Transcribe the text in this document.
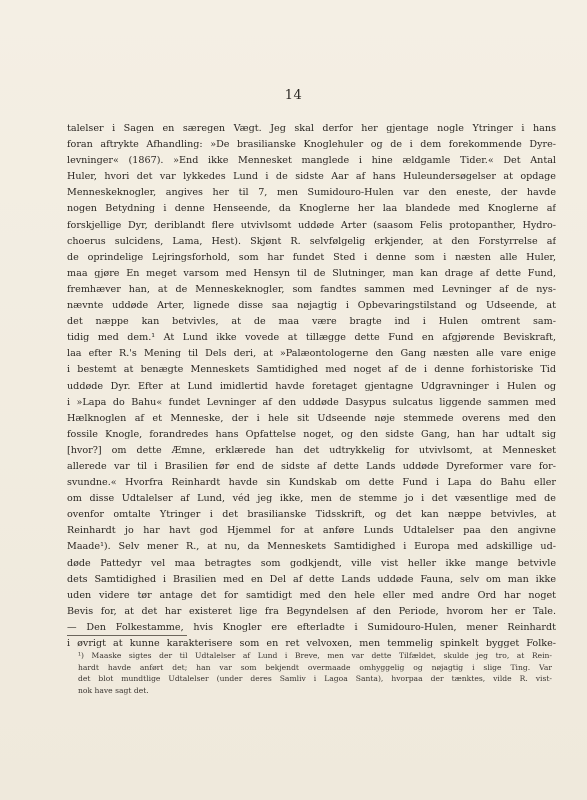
14
talelser i Sagen en særegen Vægt. Jeg skal derfor her gjentage nogle Ytringer i hans
foran aftrykte Afhandling: »De brasilianske Knoglehuler og de i dem forekommende Dyre-
levninger« (1867). »End ikke Mennesket manglede i hine ældgamle Tider.« Det Antal
Huler, hvori det var lykkedes Lund i de sidste Aar af hans Huleundersøgelser at opdage
Menneskeknogler, angives her til 7, men Sumidouro-Hulen var den eneste, der havde
nogen Betydning i denne Henseende, da Knoglerne her laa blandede med Knoglerne af
forskjellige Dyr, deriblandt flere utvivlsomt uddøde Arter (saasom Felis protopanther, Hydro-
choerus sulcidens, Lama, Hest). Skjønt R. selvfølgelig erkjender, at den Forstyrrelse af
de oprindelige Lejringsforhold, som har fundet Sted i denne som i næsten alle Huler,
maa gjøre En meget varsom med Hensyn til de Slutninger, man kan drage af dette Fund,
fremhæver han, at de Menneskeknogler, som fandtes sammen med Levninger af de nys-
nævnte uddøde Arter, lignede disse saa nøjagtig i Opbevaringstilstand og Udseende, at
det næppe kan betvivles, at de maa være bragte ind i Hulen omtrent sam-
tidig med dem.¹ At Lund ikke vovede at tillægge dette Fund en afgjørende Beviskraft,
laa efter R.'s Mening til Dels deri, at »Palæontologerne den Gang næsten alle vare enige
i bestemt at benægte Menneskets Samtidighed med noget af de i denne forhistoriske Tid
uddøde Dyr. Efter at Lund imidlertid havde foretaget gjentagne Udgravninger i Hulen og
i »Lapa do Bahu« fundet Levninger af den uddøde Dasypus sulcatus liggende sammen med
Hælknoglen af et Menneske, der i hele sit Udseende nøje stemmede overens med den
fossile Knogle, forandredes hans Opfattelse noget, og den sidste Gang, han har udtalt sig
[hvor?] om dette Æmne, erklærede han det udtrykkelig for utvivlsomt, at Mennesket
allerede var til i Brasilien før end de sidste af dette Lands uddøde Dyreformer vare for-
svundne.« Hvorfra Reinhardt havde sin Kundskab om dette Fund i Lapa do Bahu eller
om disse Udtalelser af Lund, véd jeg ikke, men de stemme jo i det væsentlige med de
ovenfor omtalte Ytringer i det brasilianske Tidsskrift, og det kan næppe betvivles, at
Reinhardt jo har havt god Hjemmel for at anføre Lunds Udtalelser paa den angivne
Maade¹). Selv mener R., at nu, da Menneskets Samtidighed i Europa med adskillige ud-
døde Pattedyr vel maa betragtes som godkjendt, ville vist heller ikke mange betvivle
dets Samtidighed i Brasilien med en Del af dette Lands uddøde Fauna, selv om man ikke
uden videre tør antage det for samtidigt med den hele eller med andre Ord har noget
Bevis for, at det har existeret lige fra Begyndelsen af den Periode, hvorom her er Tale.
— Den Folkestamme, hvis Knogler ere efterladte i Sumidouro-Hulen, mener Reinhardt
i øvrigt at kunne karakterisere som en ret velvoxen, men temmelig spinkelt bygget Folke-
¹) Maaske sigtes der til Udtalelser af Lund i Breve, men var dette Tilfældet, skulde jeg tro, at Rein-
hardt havde anført det; han var som bekjendt overmaade omhyggelig og nøjagtig i slige Ting. Var
det blot mundtlige Udtalelser (under deres Samliv i Lagoa Santa), hvorpaa der tænktes, vilde R. vist-
nok have sagt det.
